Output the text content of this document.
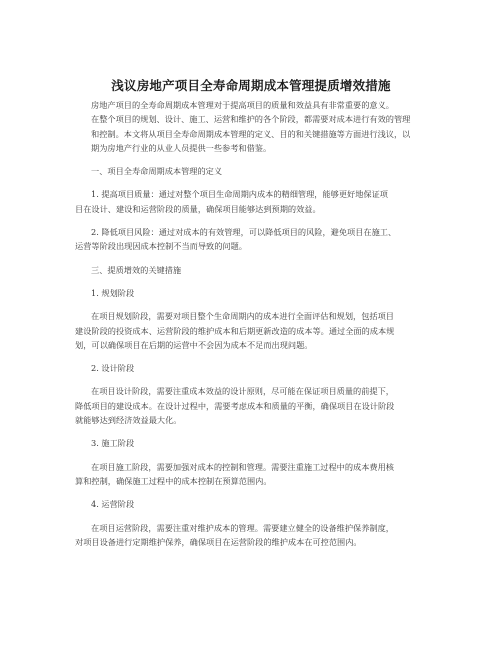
浅议房地产项目全寿命周期成本管理提质增效措施
房地产项目的全寿命周期成本管理对于提高项目的质量和效益具有非常重要的意义。
在整个项目的规划、设计、施工、运营和维护的各个阶段，都需要对成本进行有效的管理
和控制。本文将从项目全寿命周期成本管理的定义、目的和关键措施等方面进行浅议，以
期为房地产行业的从业人员提供一些参考和借鉴。
一、项目全寿命周期成本管理的定义
1. 提高项目质量：通过对整个项目生命周期内成本的精细管理，能够更好地保证项
目在设计、建设和运营阶段的质量，确保项目能够达到预期的效益。
2. 降低项目风险：通过对成本的有效管理，可以降低项目的风险，避免项目在施工、
运营等阶段出现因成本控制不当而导致的问题。
三、提质增效的关键措施
1. 规划阶段
在项目规划阶段，需要对项目整个生命周期内的成本进行全面评估和规划，包括项目
建设阶段的投资成本、运营阶段的维护成本和后期更新改造的成本等。通过全面的成本规
划，可以确保项目在后期的运营中不会因为成本不足而出现问题。
2. 设计阶段
在项目设计阶段，需要注重成本效益的设计原则，尽可能在保证项目质量的前提下，
降低项目的建设成本。在设计过程中，需要考虑成本和质量的平衡，确保项目在设计阶段
就能够达到经济效益最大化。
3. 施工阶段
在项目施工阶段，需要加强对成本的控制和管理。需要注重施工过程中的成本费用核
算和控制，确保施工过程中的成本控制在预算范围内。
4. 运营阶段
在项目运营阶段，需要注重对维护成本的管理。需要建立健全的设备维护保养制度，
对项目设备进行定期维护保养，确保项目在运营阶段的维护成本在可控范围内。
